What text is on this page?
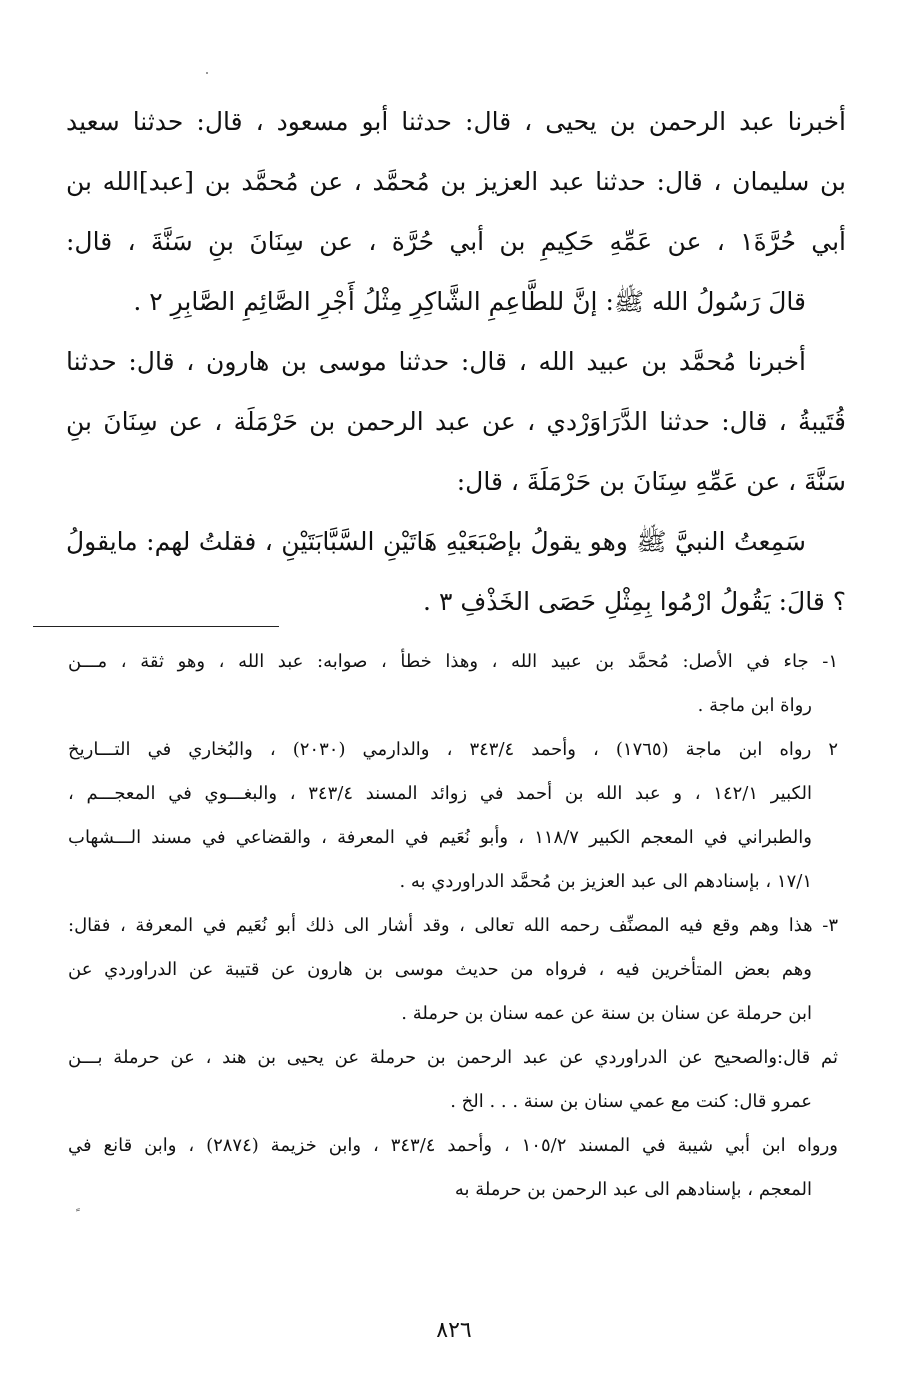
أخبرنا عبد الرحمن بن يحيى ، قال: حدثنا أبو مسعود ، قال: حدثنا سعيد
بن سليمان ، قال: حدثنا عبد العزيز بن مُحمَّد ، عن مُحمَّد بن [عبد]الله بن
أبي حُرَّةَ١ ، عن عَمِّهِ حَكِيمِ بن أبي حُرَّة ، عن سِنَانَ بنِ سَنَّةَ ، قال:
قالَ رَسُولُ الله ﷺ: إنَّ للطَّاعِمِ الشَّاكِرِ مِثْلُ أَجْرِ الصَّائِمِ الصَّابِرِ ٢ .
أخبرنا مُحمَّد بن عبيد الله ، قال: حدثنا موسى بن هارون ، قال: حدثنا
قُتَيبةُ ، قال: حدثنا الدَّرَاوَرْدي ، عن عبد الرحمن بن حَرْمَلَة ، عن سِنَانَ بنِ
سَنَّةَ ، عن عَمِّهِ سِنَانَ بن حَرْمَلَةَ ، قال:
سَمِعتُ النبيَّ ﷺ وهو يقولُ بإصْبَعَيْهِ هَاتَيْنِ السَّبَّابَتَيْنِ ، فقلتُ لهم: مايقولُ
؟ قالَ: يَقُولُ ارْمُوا بِمِثْلِ حَصَى الخَذْفِ ٣ .
١- جاء في الأصل: مُحمَّد بن عبيد الله ، وهذا خطأ ، صوابه: عبد الله ، وهو ثقة ، مـــن
رواة ابن ماجة .
٢ رواه ابن ماجة (١٧٦٥) ، وأحمد ٣٤٣/٤ ، والدارمي (٢٠٣٠) ، والبُخاري في التـــاريخ
الكبير ١٤٢/١ ، و عبد الله بن أحمد في زوائد المسند ٣٤٣/٤ ، والبغـــوي في المعجـــم ،
والطبراني في المعجم الكبير ١١٨/٧ ، وأبو نُعَيم في المعرفة ، والقضاعي في مسند الـــشهاب
١٧/١ ، بإسنادهم الى عبد العزيز بن مُحمَّد الدراوردي به .
٣- هذا وهم وقع فيه المصنِّف رحمه الله تعالى ، وقد أشار الى ذلك أبو نُعَيم في المعرفة ، فقال:
وهم بعض المتأخرين فيه ، فرواه من حديث موسى بن هارون عن قتيبة عن الدراوردي عن
ابن حرملة عن سنان بن سنة عن عمه سنان بن حرملة .
ثم قال:والصحيح عن الدراوردي عن عبد الرحمن بن حرملة عن يحيى بن هند ، عن حرملة بـــن
عمرو قال: كنت مع عمي سنان بن سنة . . . الخ .
ورواه ابن أبي شيبة في المسند ١٠٥/٢ ، وأحمد ٣٤٣/٤ ، وابن خزيمة (٢٨٧٤) ، وابن قانع في
المعجم ، بإسنادهم الى عبد الرحمن بن حرملة به
ﹰ
٨٢٦
